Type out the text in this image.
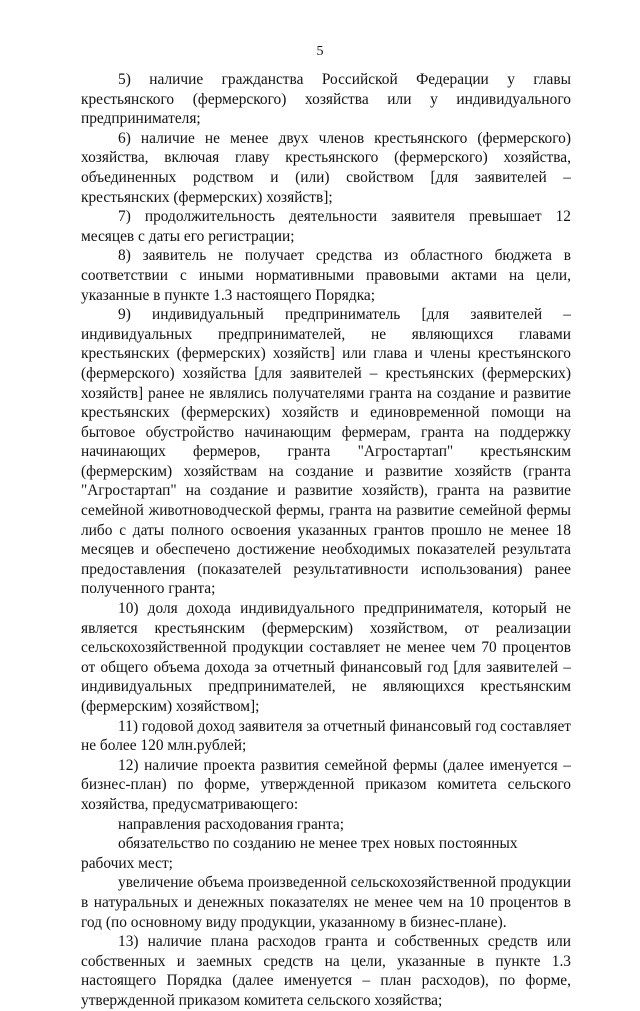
5

5) наличие гражданства Российской Федерации у главы крестьянского (фермерского) хозяйства или у индивидуального предпринимателя;

6) наличие не менее двух членов крестьянского (фермерского) хозяйства, включая главу крестьянского (фермерского) хозяйства, объединенных родством и (или) свойством [для заявителей – крестьянских (фермерских) хозяйств];

7) продолжительность деятельности заявителя превышает 12 месяцев с даты его регистрации;

8) заявитель не получает средства из областного бюджета в соответствии с иными нормативными правовыми актами на цели, указанные в пункте 1.3 настоящего Порядка;

9) индивидуальный предприниматель [для заявителей – индивидуальных предпринимателей, не являющихся главами крестьянских (фермерских) хозяйств] или глава и члены крестьянского (фермерского) хозяйства [для заявителей – крестьянских (фермерских) хозяйств] ранее не являлись получателями гранта на создание и развитие крестьянских (фермерских) хозяйств и единовременной помощи на бытовое обустройство начинающим фермерам, гранта на поддержку начинающих фермеров, гранта "Агростартап" крестьянским (фермерским) хозяйствам на создание и развитие хозяйств (гранта "Агростартап" на создание и развитие хозяйств), гранта на развитие семейной животноводческой фермы, гранта на развитие семейной фермы либо с даты полного освоения указанных грантов прошло не менее 18 месяцев и обеспечено достижение необходимых показателей результата предоставления (показателей результативности использования) ранее полученного гранта;

10) доля дохода индивидуального предпринимателя, который не является крестьянским (фермерским) хозяйством, от реализации сельскохозяйственной продукции составляет не менее чем 70 процентов от общего объема дохода за отчетный финансовый год [для заявителей – индивидуальных предпринимателей, не являющихся крестьянским (фермерским) хозяйством];

11) годовой доход заявителя за отчетный финансовый год составляет не более 120 млн.рублей;

12) наличие проекта развития семейной фермы (далее именуется – бизнес-план) по форме, утвержденной приказом комитета сельского хозяйства, предусматривающего:

направления расходования гранта;

обязательство по созданию не менее трех новых постоянных рабочих мест;

увеличение объема произведенной сельскохозяйственной продукции в натуральных и денежных показателях не менее чем на 10 процентов в год (по основному виду продукции, указанному в бизнес-плане).

13) наличие плана расходов гранта и собственных средств или собственных и заемных средств на цели, указанные в пункте 1.3 настоящего Порядка (далее именуется – план расходов), по форме, утвержденной приказом комитета сельского хозяйства;
